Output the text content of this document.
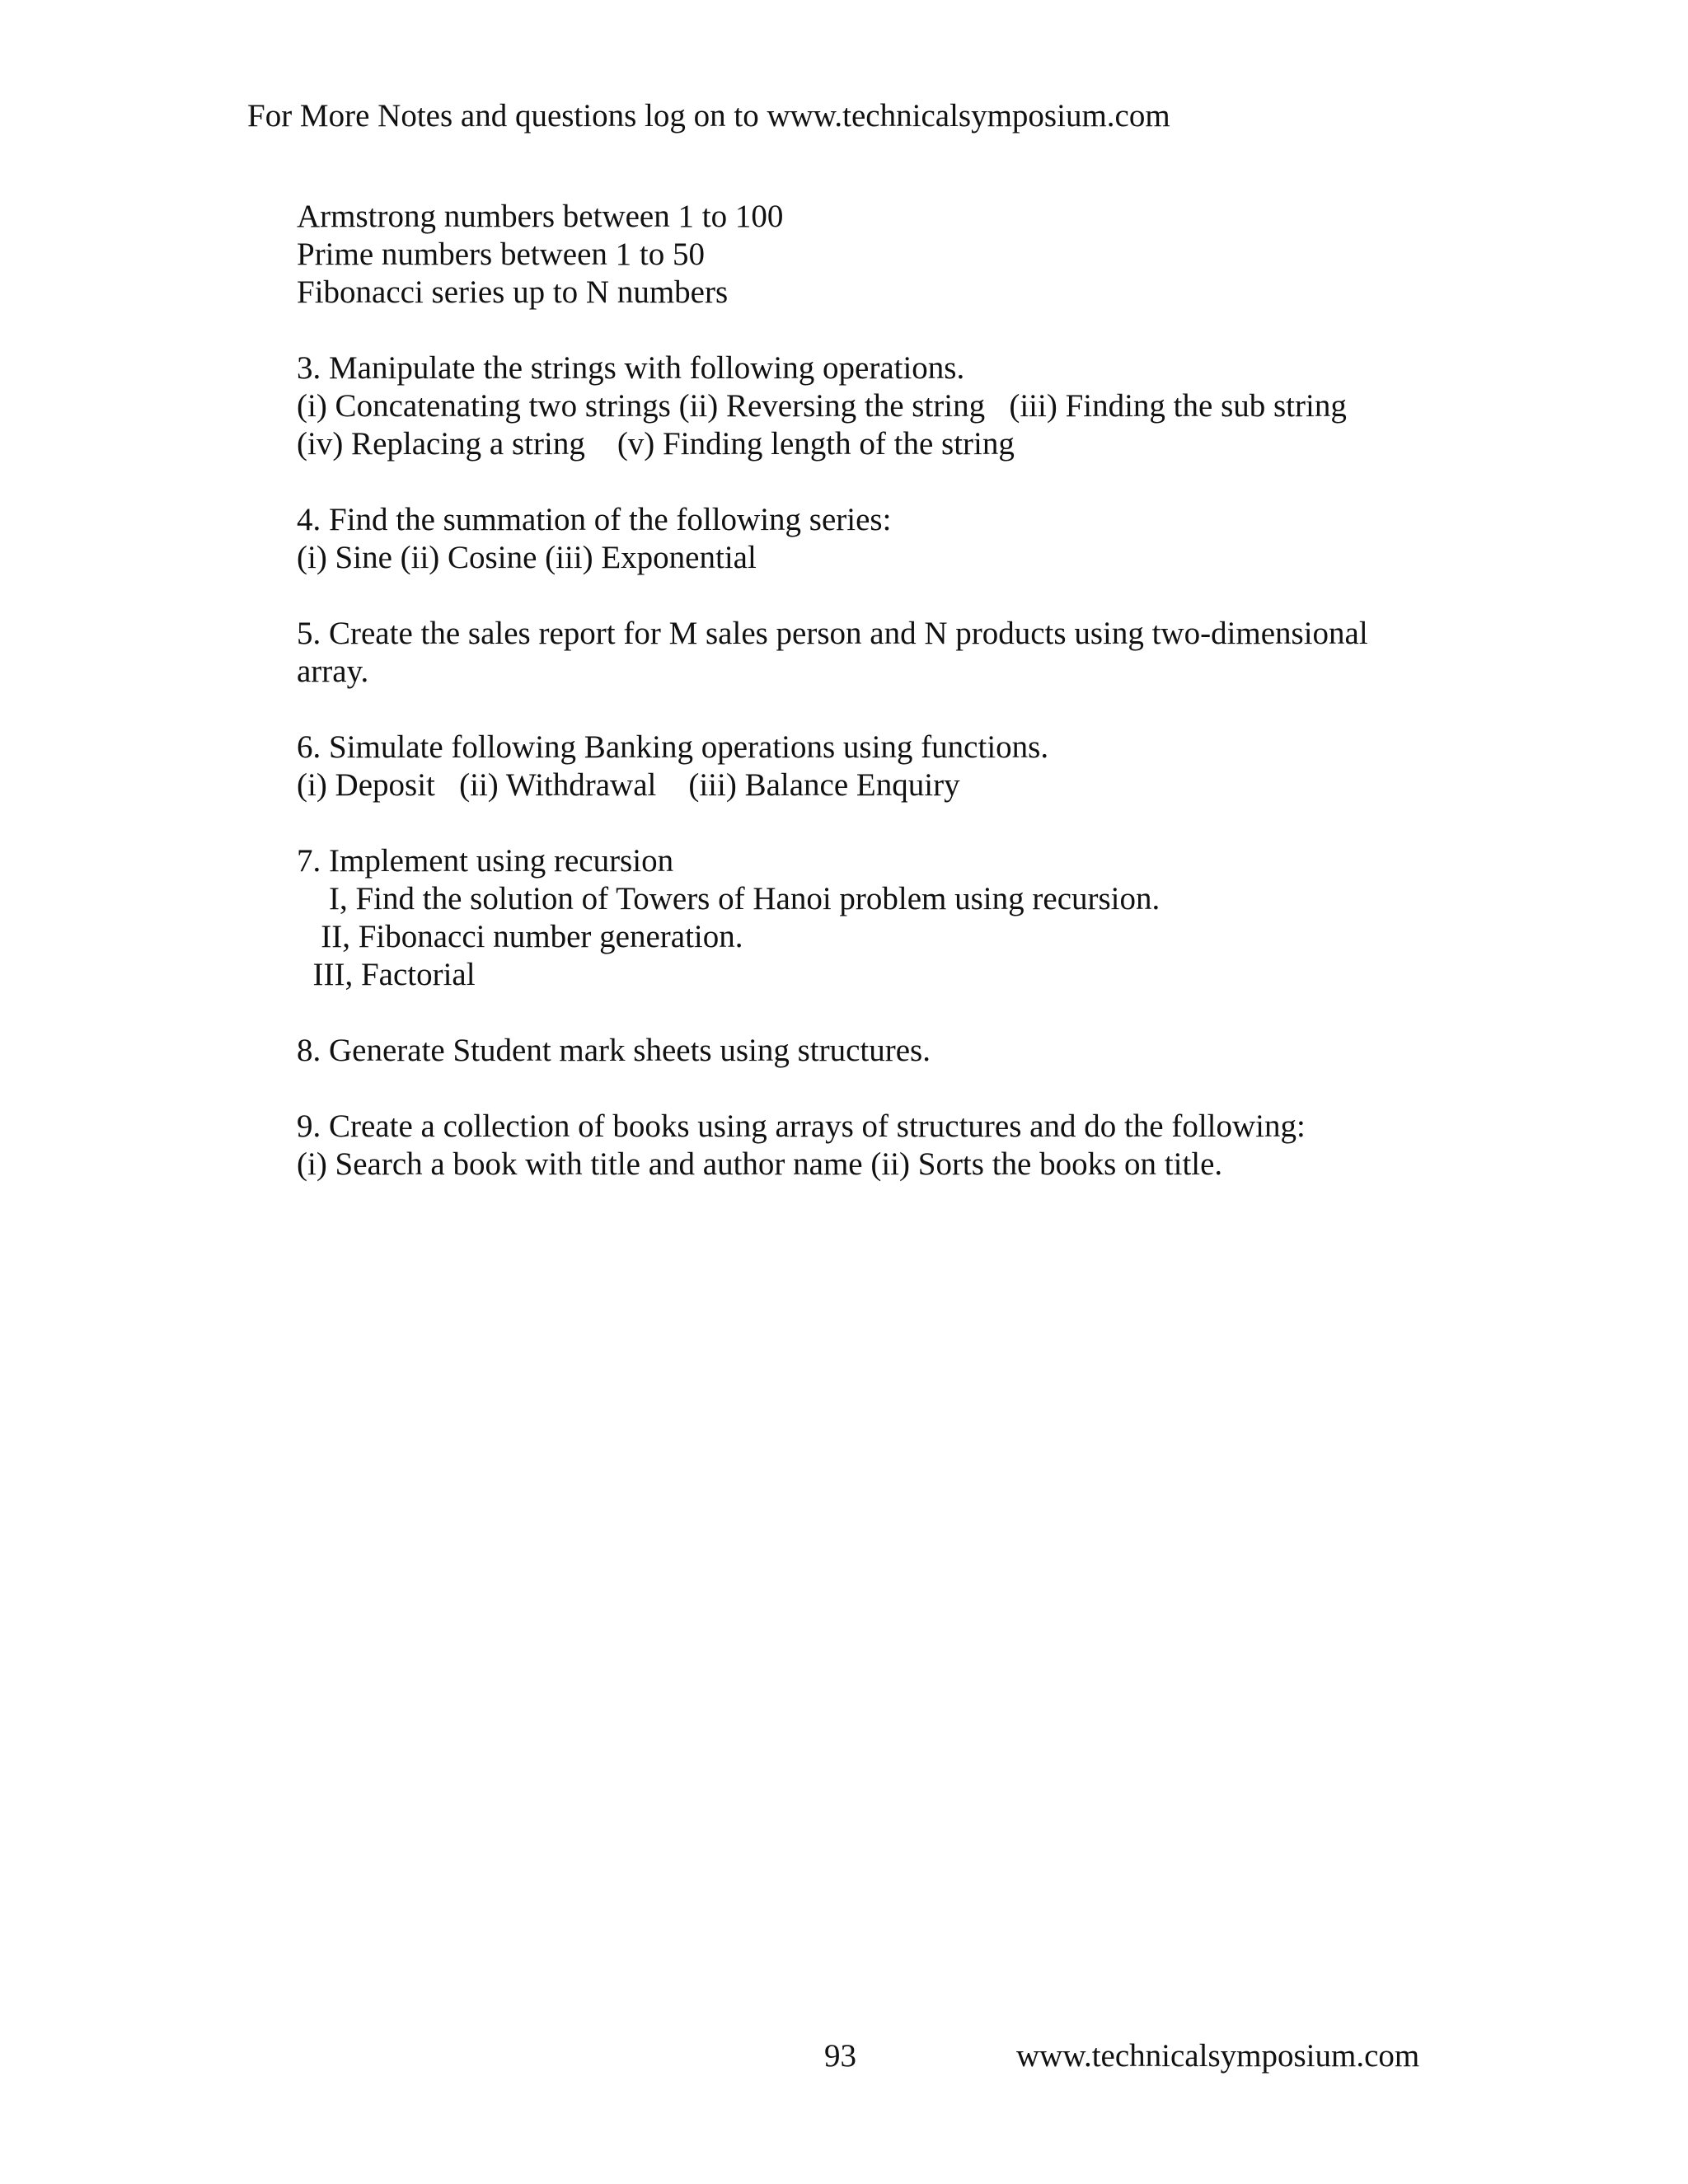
For More Notes and questions log on to www.technicalsymposium.com
Armstrong numbers between 1 to 100
Prime numbers between 1 to 50
Fibonacci series up to N numbers
3. Manipulate the strings with following operations.
(i) Concatenating two strings (ii) Reversing the string   (iii) Finding the sub string
(iv) Replacing a string    (v) Finding length of the string
4. Find the summation of the following series:
(i) Sine (ii) Cosine (iii) Exponential
5. Create the sales report for M sales person and N products using two-dimensional
array.
6. Simulate following Banking operations using functions.
(i) Deposit   (ii) Withdrawal    (iii) Balance Enquiry
7. Implement using recursion
I, Find the solution of Towers of Hanoi problem using recursion.
II, Fibonacci number generation.
III, Factorial
8. Generate Student mark sheets using structures.
9. Create a collection of books using arrays of structures and do the following:
(i) Search a book with title and author name (ii) Sorts the books on title.
93	www.technicalsymposium.com
